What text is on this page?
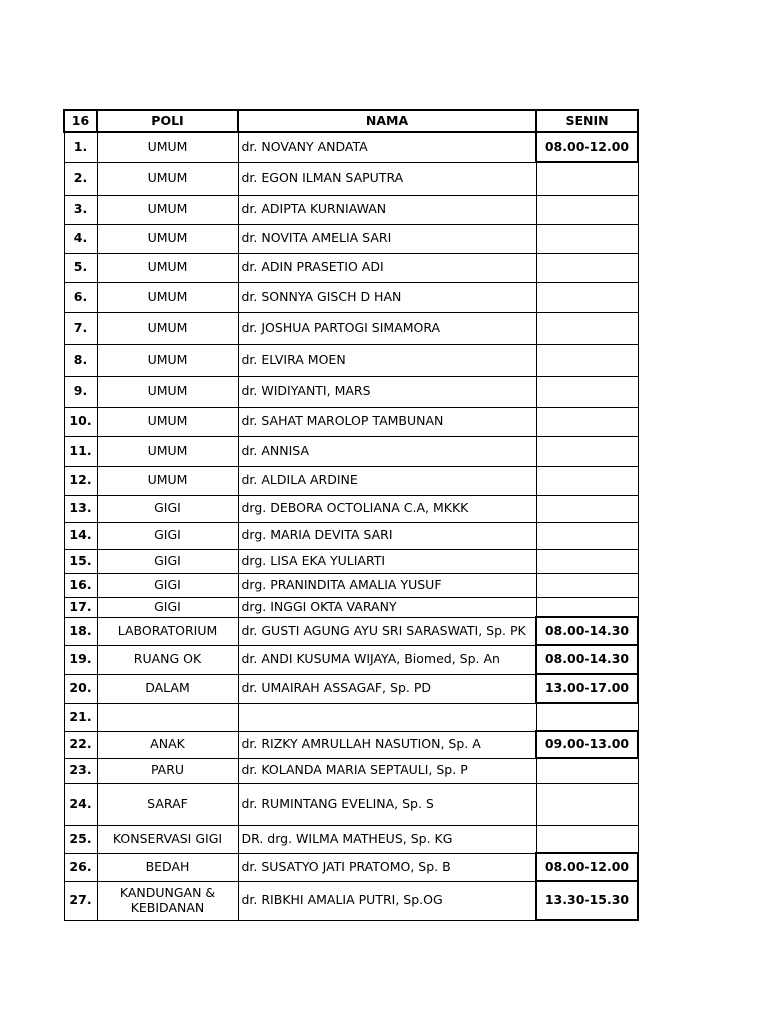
16	POLI	NAMA	SENIN
1.	UMUM	dr. NOVANY ANDATA	08.00-12.00
2.	UMUM	dr. EGON ILMAN SAPUTRA	
3.	UMUM	dr. ADIPTA KURNIAWAN	
4.	UMUM	dr. NOVITA AMELIA SARI	
5.	UMUM	dr. ADIN PRASETIO ADI	
6.	UMUM	dr. SONNYA GISCH D HAN	
7.	UMUM	dr. JOSHUA PARTOGI SIMAMORA	
8.	UMUM	dr. ELVIRA MOEN	
9.	UMUM	dr. WIDIYANTI, MARS	
10.	UMUM	dr. SAHAT MAROLOP TAMBUNAN	
11.	UMUM	dr. ANNISA	
12.	UMUM	dr. ALDILA ARDINE	
13.	GIGI	drg. DEBORA OCTOLIANA C.A, MKKK	
14.	GIGI	drg. MARIA DEVITA SARI	
15.	GIGI	drg. LISA EKA YULIARTI	
16.	GIGI	drg. PRANINDITA AMALIA YUSUF	
17.	GIGI	drg. INGGI OKTA VARANY	
18.	LABORATORIUM	dr. GUSTI AGUNG AYU SRI SARASWATI, Sp. PK	08.00-14.30
19.	RUANG OK	dr. ANDI KUSUMA WIJAYA, Biomed, Sp. An	08.00-14.30
20.	DALAM	dr. UMAIRAH ASSAGAF, Sp. PD	13.00-17.00
21.			
22.	ANAK	dr. RIZKY AMRULLAH NASUTION, Sp. A	09.00-13.00
23.	PARU	dr. KOLANDA MARIA SEPTAULI, Sp. P	
24.	SARAF	dr. RUMINTANG EVELINA, Sp. S	
25.	KONSERVASI GIGI	DR. drg. WILMA MATHEUS, Sp. KG	
26.	BEDAH	dr. SUSATYO JATI PRATOMO, Sp. B	08.00-12.00
27.	KANDUNGAN & KEBIDANAN	dr. RIBKHI AMALIA PUTRI, Sp.OG	13.30-15.30
